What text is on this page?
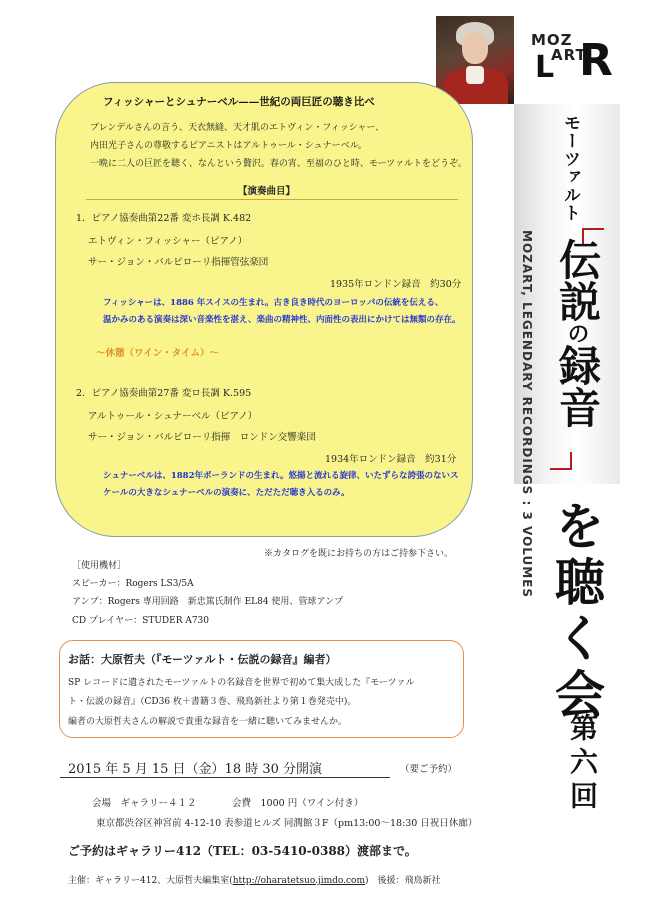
MOZ
ART
L R
フィッシャーとシュナーベル——世紀の両巨匠の聴き比べ
ブレンデルさんの言う、天衣無縫、天才肌のエトヴィン・フィッシャー、
内田光子さんの尊敬するピアニストはアルトゥール・シュナーベル。
一晩に二人の巨匠を聴く、なんという贅沢。春の宵、至福のひと時、モーツァルトをどうぞ。
【演奏曲目】
1．ピアノ協奏曲第22番 変ホ長調 K.482
エトヴィン・フィッシャー（ピアノ）
サー・ジョン・バルビローリ指揮管弦楽団
1935年ロンドン録音　約30分
フィッシャーは、1886 年スイスの生まれ。古き良き時代のヨーロッパの伝統を伝える、
温かみのある演奏は深い音楽性を湛え、楽曲の精神性、内面性の表出にかけては無類の存在。
〜休憩（ワイン・タイム）〜
2．ピアノ協奏曲第27番 変ロ長調 K.595
アルトゥール・シュナーベル（ピアノ）
サー・ジョン・バルビローリ指揮　ロンドン交響楽団
1934年ロンドン録音　約31分
シュナーベルは、1882年ポーランドの生まれ。悠揚と流れる旋律、いたずらな誇張のないス
ケールの大きなシュナーベルの演奏に、ただただ聴き入るのみ。
モーツァルト
MOZART, LEGENDARY RECORDINGS : 3 VOLUMES 伝説の録音
を聴く会
第六回
※カタログを既にお持ちの方はご持参下さい。
［使用機材］
スピーカー：Rogers LS3/5A
アンプ：Rogers 専用回路　新忠篤氏制作 EL84 使用、管球アンプ
CD プレイヤー：STUDER A730
お話：大原哲夫（『モーツァルト・伝説の録音』編者）
SP レコードに遺されたモーツァルトの名録音を世界で初めて集大成した『モーツァル
ト・伝説の録音』（CD36 枚＋書籍３巻、飛鳥新社より第１巻発売中)。
編者の大原哲夫さんの解説で貴重な録音を一緒に聴いてみませんか。
2015 年 5 月 15 日（金）18 時 30 分開演	（要ご予約）
会場　ギャラリー４１２	会費　1000 円（ワイン付き）
東京都渋谷区神宮前 4-12-10 表参道ヒルズ 同潤館３F（pm13:00〜18:30 日祝日休廊）
ご予約はギャラリー412（TEL：03-5410-0388）渡部まで。
主催：ギャラリー412、大原哲夫編集室(http://oharatetsuo.jimdo.com)　 後援：飛鳥新社
